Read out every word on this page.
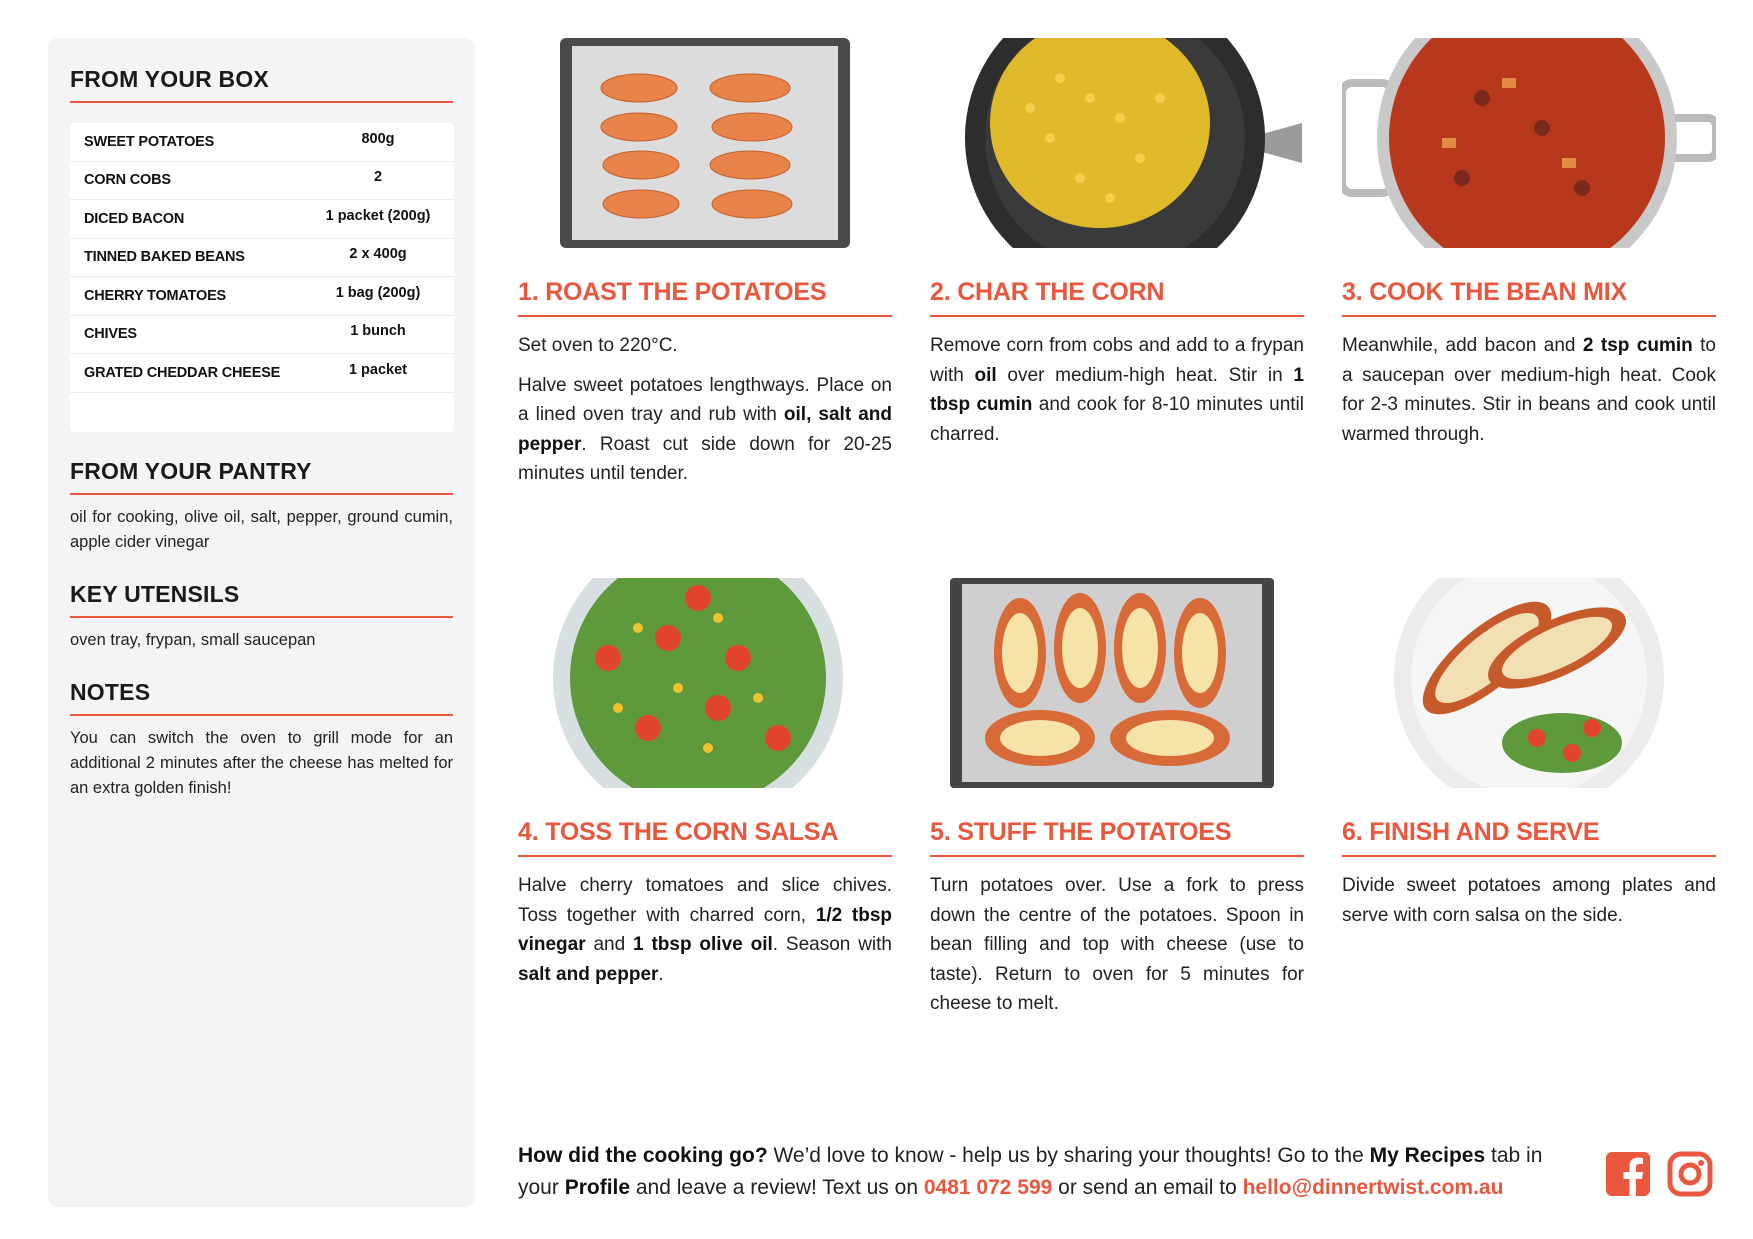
FROM YOUR BOX
SWEET POTATOES	800g
CORN COBS	2
DICED BACON	1 packet (200g)
TINNED BAKED BEANS	2 x 400g
CHERRY TOMATOES	1 bag (200g)
CHIVES	1 bunch
GRATED CHEDDAR CHEESE	1 packet
FROM YOUR PANTRY
oil for cooking, olive oil, salt, pepper, ground cumin, apple cider vinegar
KEY UTENSILS
oven tray, frypan, small saucepan
NOTES
You can switch the oven to grill mode for an additional 2 minutes after the cheese has melted for an extra golden finish!
1. ROAST THE POTATOES

Set oven to 220°C.

Halve sweet potatoes lengthways. Place on a lined oven tray and rub with oil, salt and pepper. Roast cut side down for 20-25 minutes until tender.

2. CHAR THE CORN

Remove corn from cobs and add to a frypan with oil over medium-high heat. Stir in 1 tbsp cumin and cook for 8-10 minutes until charred.

3. COOK THE BEAN MIX

Meanwhile, add bacon and 2 tsp cumin to a saucepan over medium-high heat. Cook for 2-3 minutes. Stir in beans and cook until warmed through.

4. TOSS THE CORN SALSA

Halve cherry tomatoes and slice chives. Toss together with charred corn, 1/2 tbsp vinegar and 1 tbsp olive oil. Season with salt and pepper.

5. STUFF THE POTATOES

Turn potatoes over. Use a fork to press down the centre of the potatoes. Spoon in bean filling and top with cheese (use to taste). Return to oven for 5 minutes for cheese to melt.

6. FINISH AND SERVE

Divide sweet potatoes among plates and serve with corn salsa on the side.

How did the cooking go? We’d love to know - help us by sharing your thoughts! Go to the My Recipes tab in your Profile and leave a review! Text us on 0481 072 599 or send an email to hello@dinnertwist.com.au
